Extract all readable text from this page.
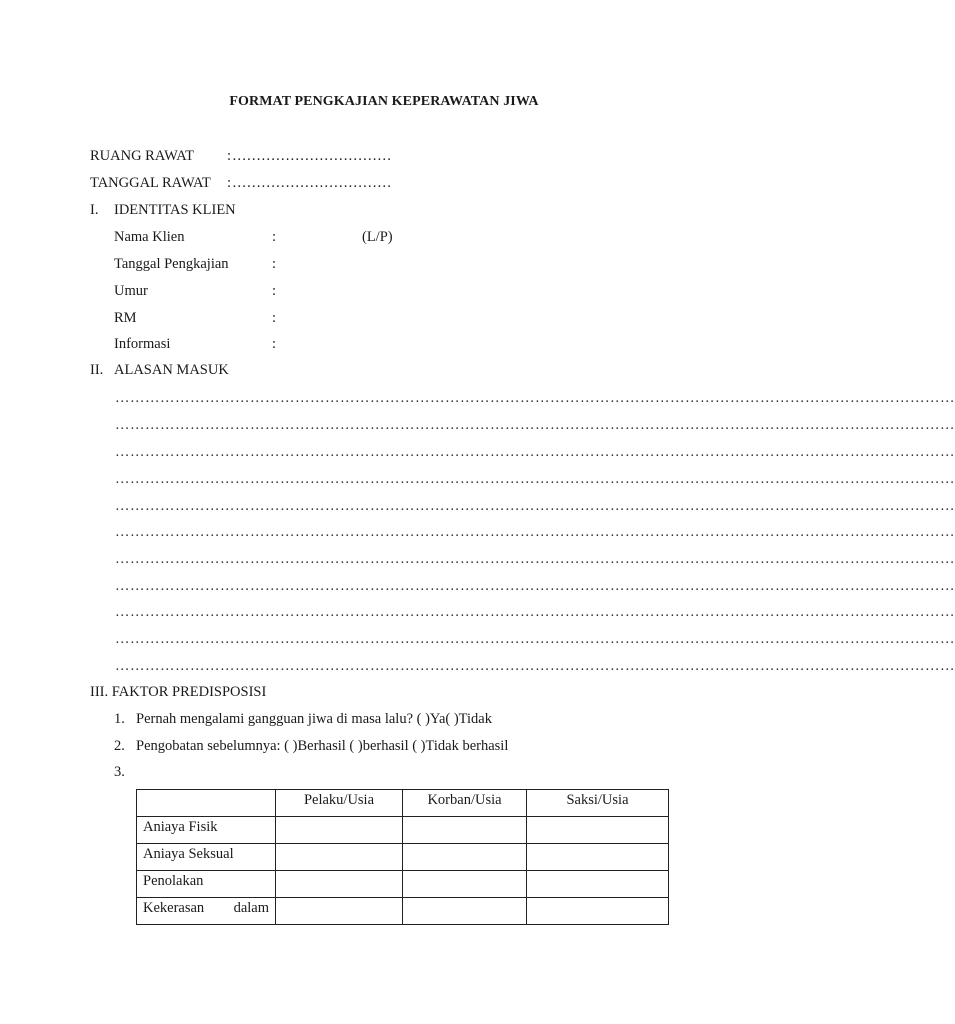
FORMAT PENGKAJIAN KEPERAWATAN JIWA
RUANG RAWAT : ……………………………
TANGGAL RAWAT : ……………………………
I. IDENTITAS KLIEN
Nama Klien	:	(L/P)
Tanggal Pengkajian	:
Umur	:
RM	:
Informasi	:
II. ALASAN MASUK
……………………………………………………………………………………………………………………………………………………
……………………………………………………………………………………………………………………………………………………
……………………………………………………………………………………………………………………………………………………
……………………………………………………………………………………………………………………………………………………
……………………………………………………………………………………………………………………………………………………
……………………………………………………………………………………………………………………………………………………
……………………………………………………………………………………………………………………………………………………
……………………………………………………………………………………………………………………………………………………
……………………………………………………………………………………………………………………………………………………
……………………………………………………………………………………………………………………………………………………
……………………………………………………………………………………………………………………………………………………
III. FAKTOR PREDISPOSISI
1. Pernah mengalami gangguan jiwa di masa lalu? ( )Ya( )Tidak
2. Pengobatan sebelumnya: ( )Berhasil ( )berhasil ( )Tidak berhasil
3.
	Pelaku/Usia	Korban/Usia	Saksi/Usia
Aniaya Fisik			
Aniaya Seksual			
Penolakan			

Kekerasan dalam			
